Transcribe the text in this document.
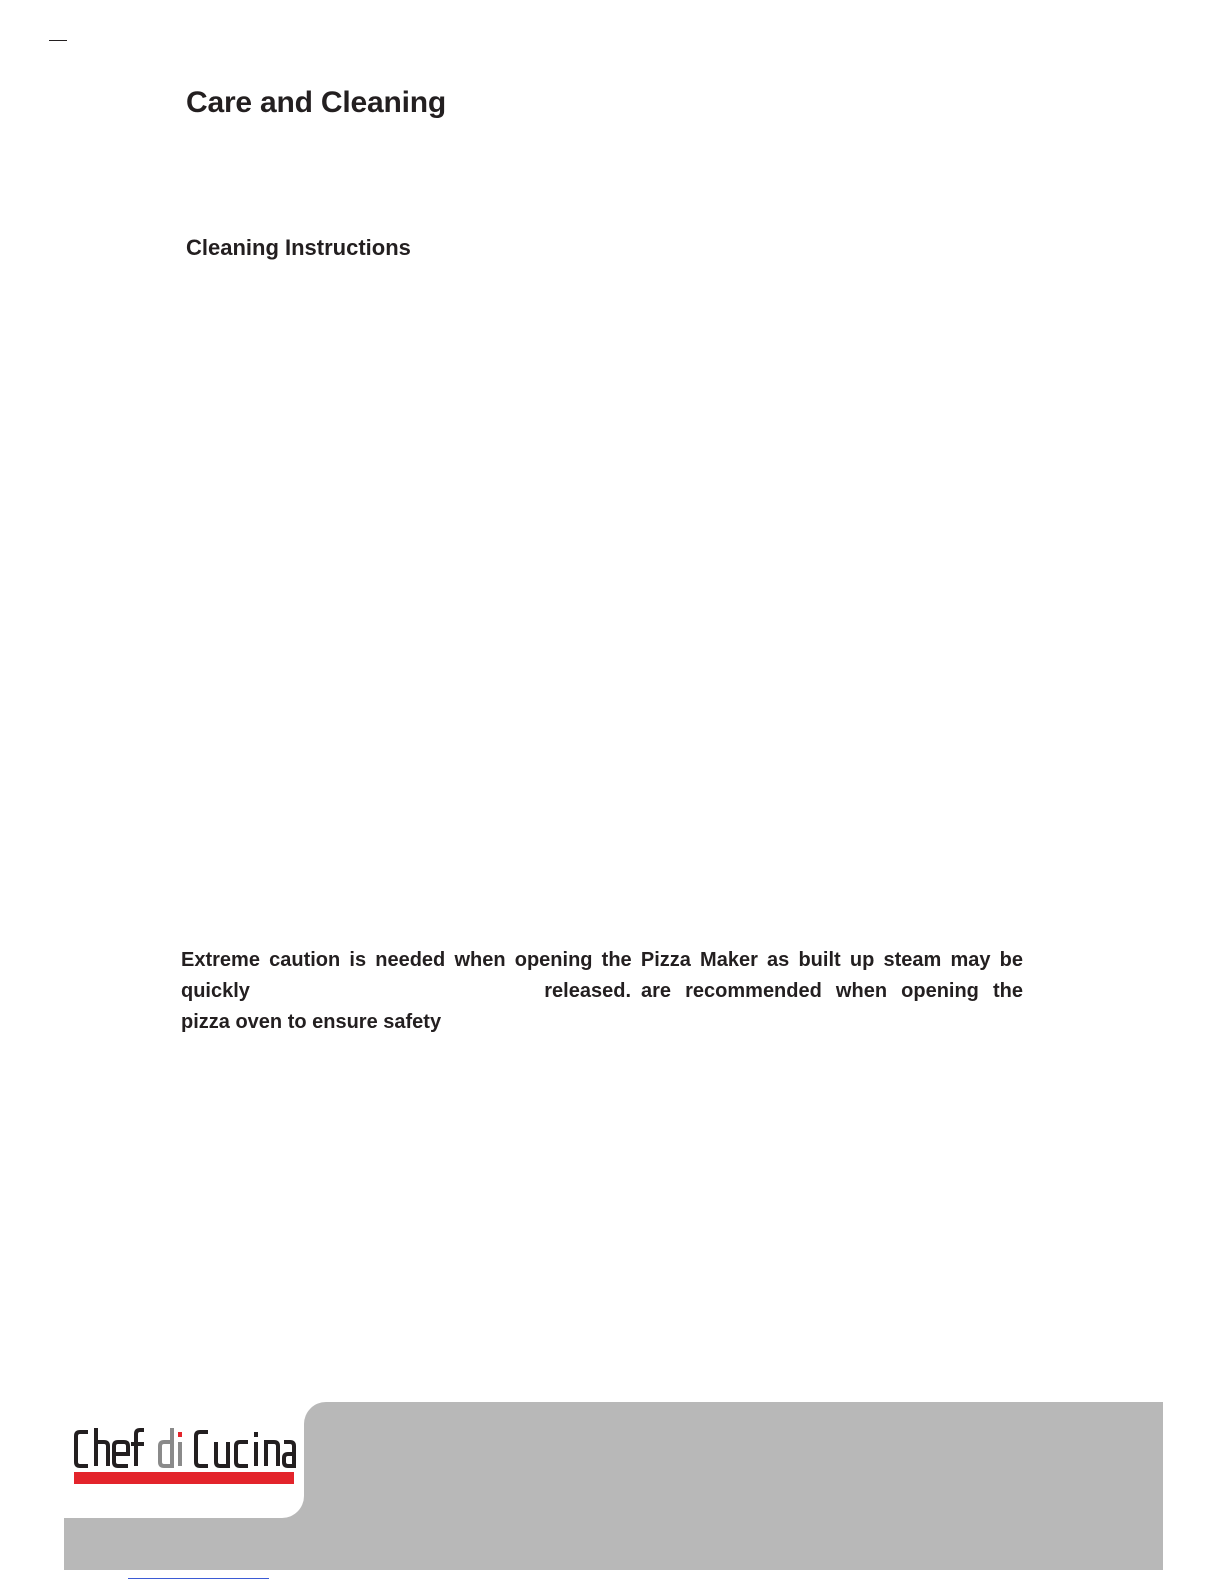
Care and Cleaning
Cleaning Instructions
Extreme caution is needed when opening the Pizza Maker as built up steam may be
quickly released. are recommended when opening the
pizza oven to ensure safety
